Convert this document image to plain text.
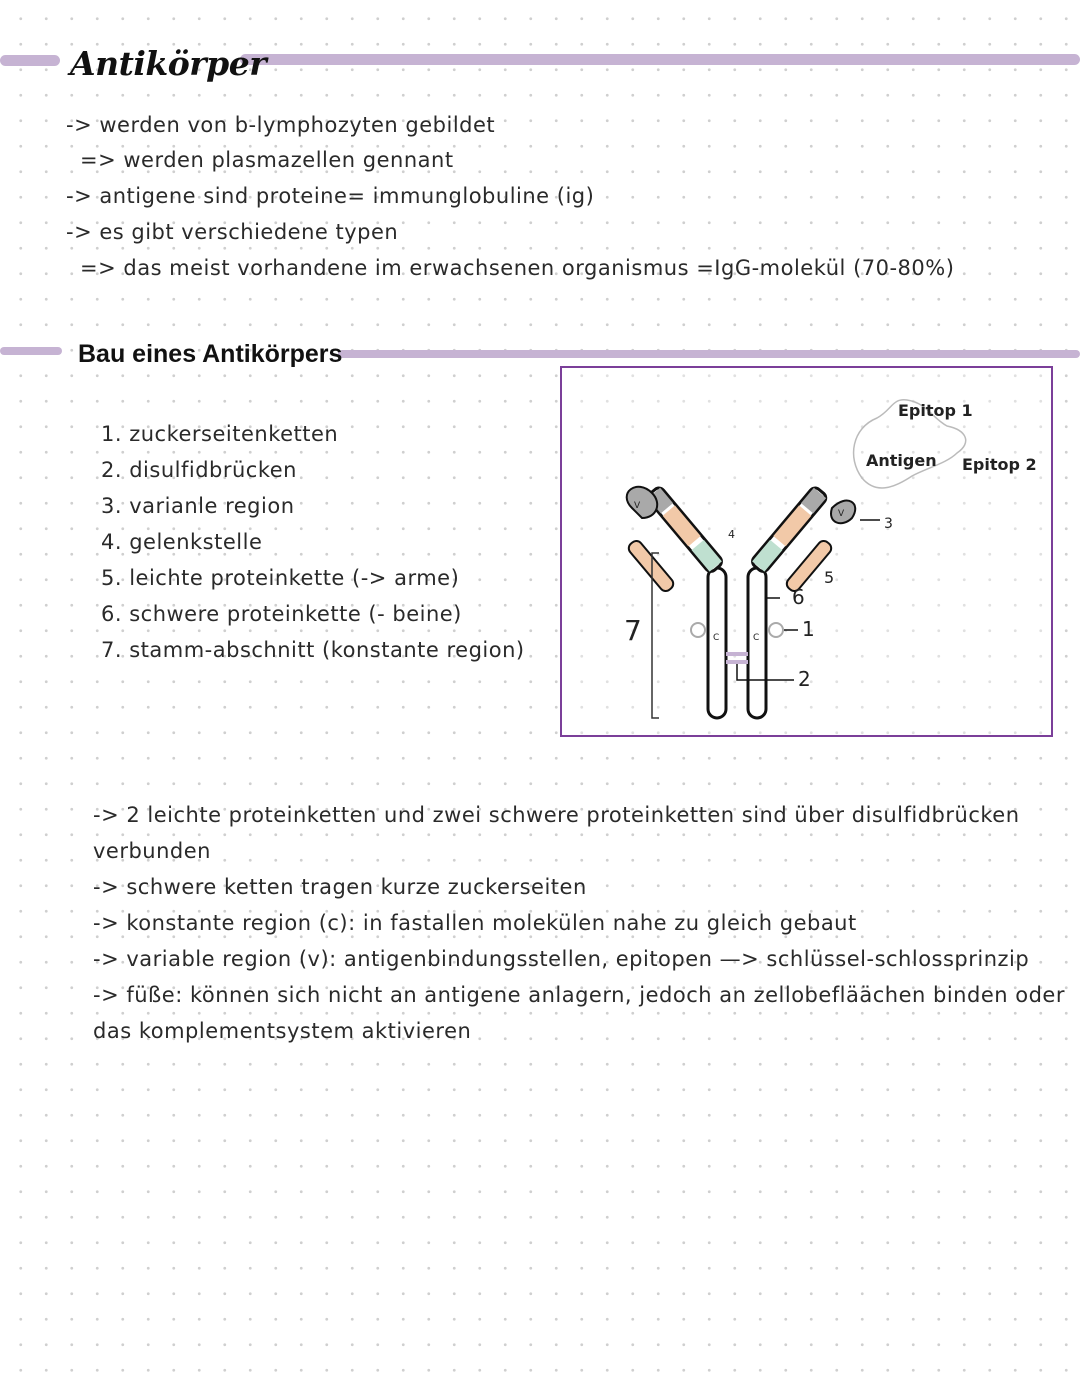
Antikörper

-> werden von b-lymphozyten gebildet

=> werden plasmazellen gennant

-> antigene sind proteine= immunglobuline (ig)

-> es gibt verschiedene typen

=> das meist vorhandene im erwachsenen organismus =IgG-molekül (70-80%)

Bau eines Antikörpers

1. zuckerseitenketten

2. disulfidbrücken

3. varianle region

4. gelenkstelle

5. leichte proteinkette (-> arme)

6. schwere proteinkette (- beine)

7. stamm-abschnitt (konstante region)

Epitop 1
Antigen Epitop 2
3
4
5
6
1
2
7
V
V
C	C

-> 2 leichte proteinketten und zwei schwere proteinketten sind über disulfidbrücken

verbunden

-> schwere ketten tragen kurze zuckerseiten

-> konstante region (c): in fastallen molekülen nahe zu gleich gebaut

-> variable region (v): antigenbindungsstellen, epitopen —> schlüssel-schlossprinzip

-> füße: können sich nicht an antigene anlagern, jedoch an zellobefläächen binden oder

das komplementsystem aktivieren
